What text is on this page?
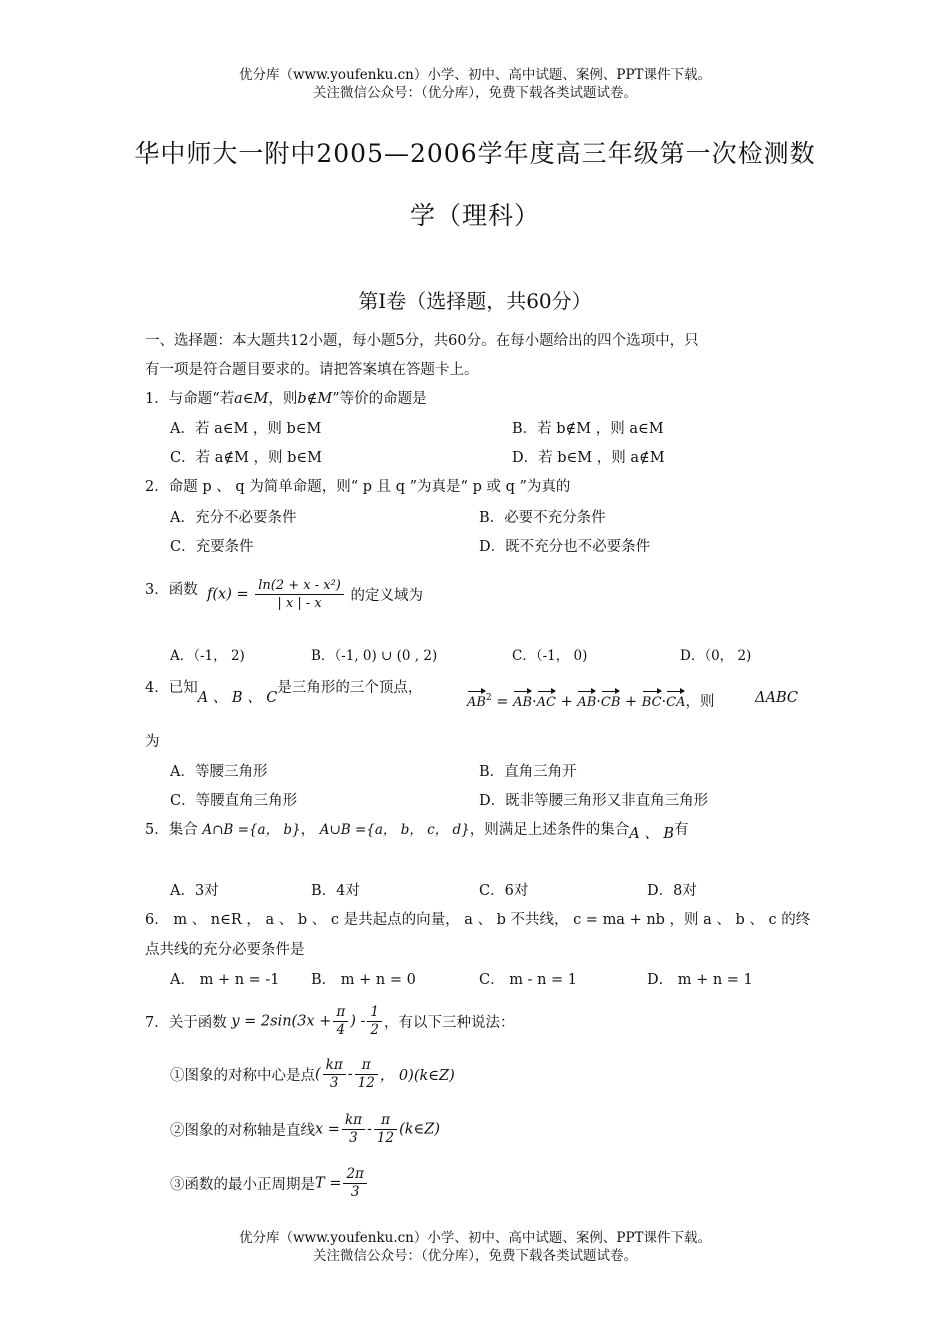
优分库（www.youfenku.cn）小学、初中、高中试题、案例、PPT课件下载。
关注微信公众号：（优分库），免费下载各类试题试卷。
华中师大一附中2005—2006学年度高三年级第一次检测数
学（理科）
第Ⅰ卷（选择题，共60分）
一、选择题：本大题共12小题，每小题5分，共60分。在每小题给出的四个选项中，只
有一项是符合题目要求的。请把答案填在答题卡上。
1．与命题“若a∈M，则b∉M”等价的命题是
A．若 a∈M ，则 b∈M	B．若 b∉M ，则 a∈M
C．若 a∉M ，则 b∈M	D．若 b∈M ，则 a∉M
2．命题 p 、 q 为简单命题，则“ p 且 q ”为真是“ p 或 q ”为真的
A．充分不必要条件	B．必要不充分条件
C．充要条件	D．既不充分也不必要条件
3．函数 $f(x) = \frac{\text{ln(2 + x - x²)}}{| x | - x}$ 的定义域为
A．（-1， 2)	B．（-1, 0) ∪ (0 , 2)	C．（-1， 0)	D．（0， 2)
4．已知A 、 B 、 C是三角形的三个顶点，
$AB^2 = AB\cdot AC + AB\cdot CB + BC\cdot CA$，则	ΔABC
为
A．等腰三角形	B．直角三角开
C．等腰直角三角形	D．既非等腰三角形又非直角三角形
5．集合 A∩B ={a， b}， A∪B ={a， b， c， d}，则满足上述条件的集合A 、 B有
A．3对	B．4对	C．6对	D．8对
6． m 、 n∈R ， a 、 b 、 c 是共起点的向量， a 、 b 不共线， c = ma + nb ，则 a 、 b 、 c 的终
点共线的充分必要条件是
A． m + n = -1 B． m + n = 0	C． m - n = 1	D． m + n = 1
7．关于函数 $y = 2\sin(3x + \frac{\pi}{4}$ ) - $\frac{1}{2}$ ，有以下三种说法：
①图象的对称中心是点( $\frac{k\pi}{3} - \frac{\pi}{12}$ ， 0)(k∈Z)
②图象的对称轴是直线$x = \frac{k\pi}{3} - \frac{\pi}{12}$ (k∈Z)
③函数的最小正周期是$T = \frac{2\pi}{3}$
优分库（www.youfenku.cn）小学、初中、高中试题、案例、PPT课件下载。
关注微信公众号：（优分库），免费下载各类试题试卷。
